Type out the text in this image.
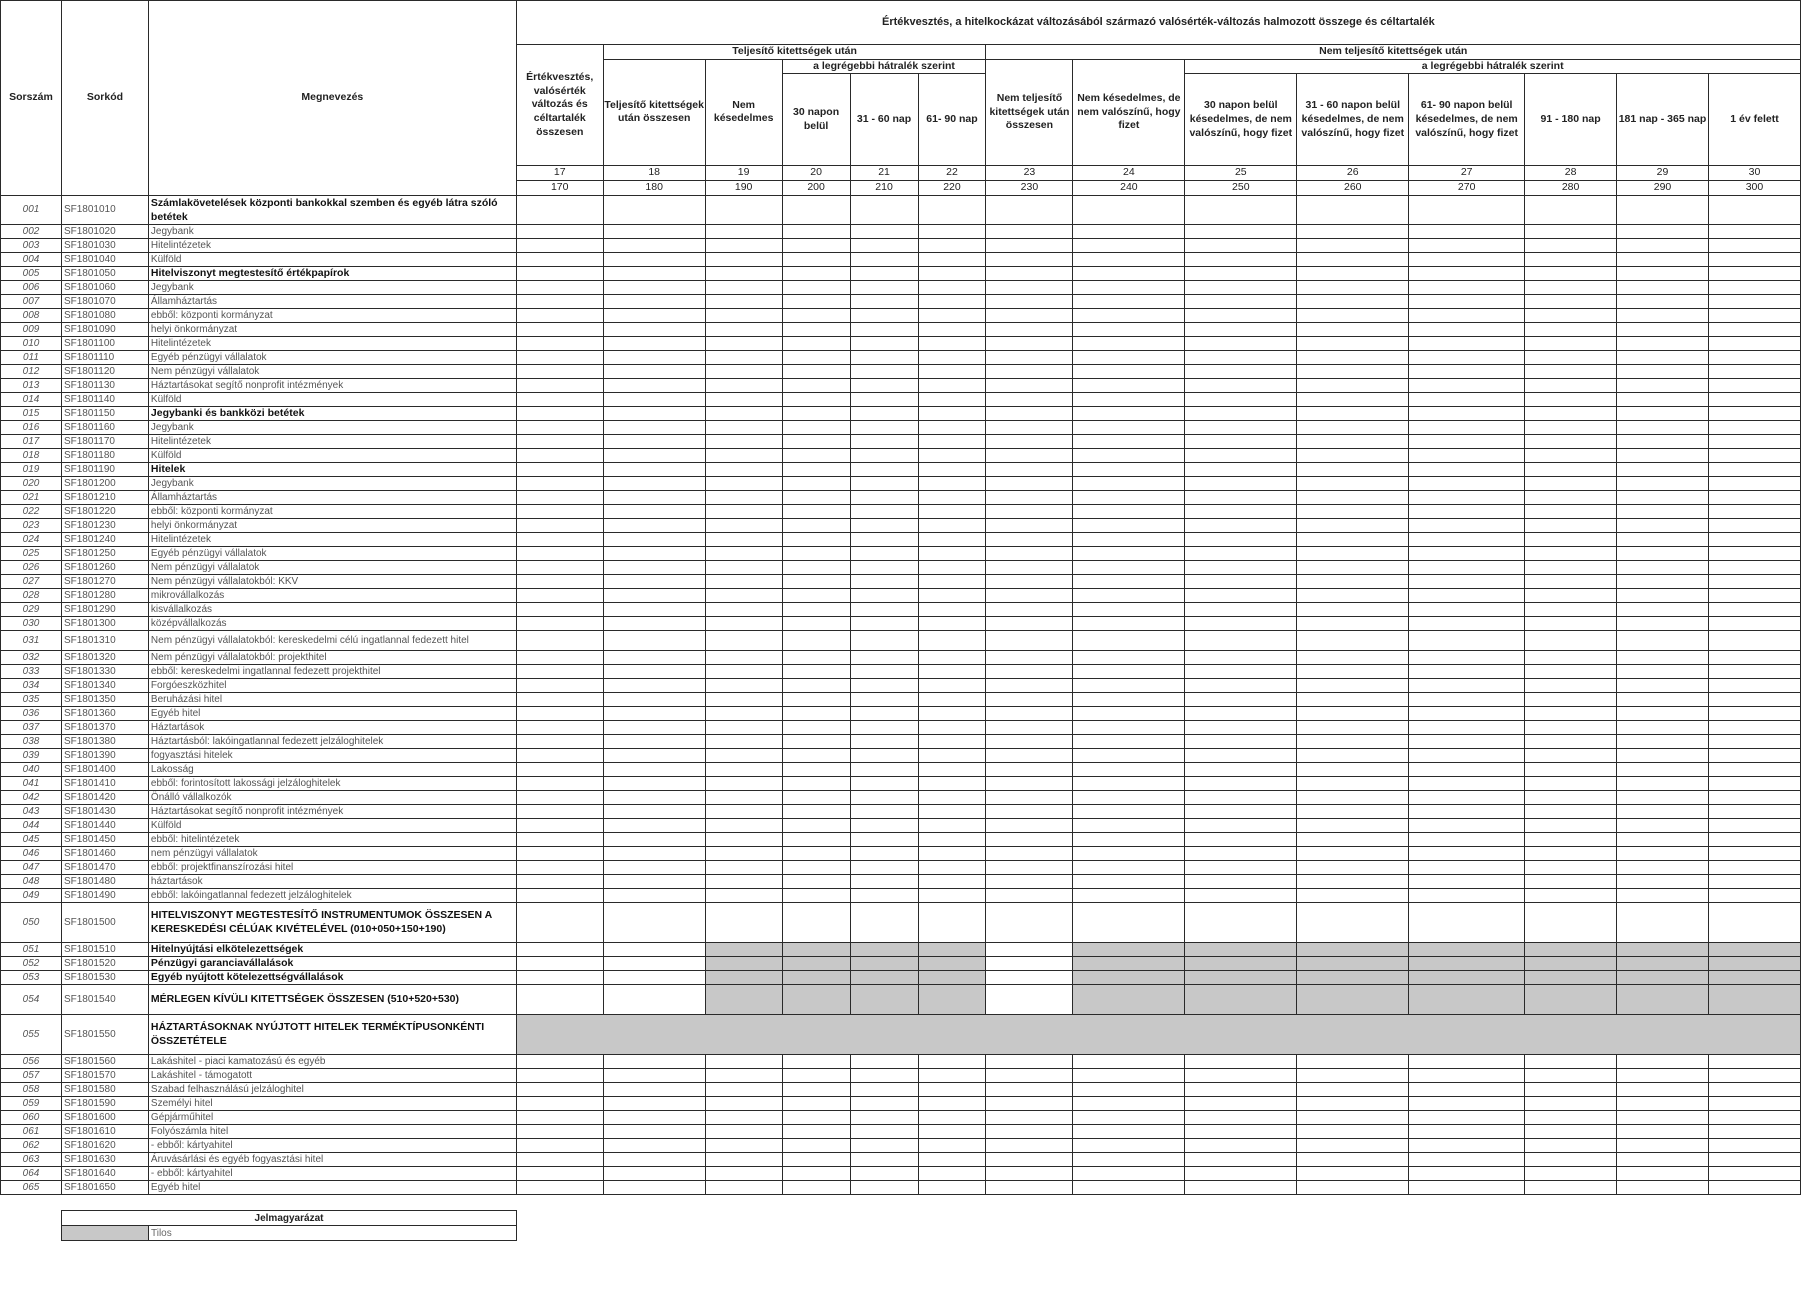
Sorszám	Sorkód	Megnevezés	Értékvesztés, a hitelkockázat változásából származó valósérték-változás halmozott összege és céltartalék													
			Értékvesztés, valósérték változás és céltartalék összesen	Teljesítő kitettségek után					Nem teljesítő kitettségek után							
				Teljesítő kitettségek után összesen	Nem késedelmes	a legrégebbi hátralék szerint			Nem teljesítő kitettségek után összesen	Nem késedelmes, de nem valószínű, hogy fizet	a legrégebbi hátralék szerint					
						30 napon belül	31 - 60 nap	61- 90 nap			30 napon belül késedelmes, de nem valószínű, hogy fizet	31 - 60 napon belül késedelmes, de nem valószínű, hogy fizet	61- 90 napon belül késedelmes, de nem valószínű, hogy fizet	91 - 180 nap	181 nap - 365 nap	1 év felett
			17	18	19	20	21	22	23	24	25	26	27	28	29	30
			170	180	190	200	210	220	230	240	250	260	270	280	290	300
001	SF1801010	Számlakövetelések központi bankokkal szemben és egyéb látra szóló betétek														
002	SF1801020	Jegybank														
003	SF1801030	Hitelintézetek														
004	SF1801040	Külföld														
005	SF1801050	Hitelviszonyt megtestesítő értékpapírok														
006	SF1801060	Jegybank														
007	SF1801070	Államháztartás														
008	SF1801080	ebből: központi kormányzat														
009	SF1801090	helyi önkormányzat														
010	SF1801100	Hitelintézetek														
011	SF1801110	Egyéb pénzügyi vállalatok														
012	SF1801120	Nem pénzügyi vállalatok														
013	SF1801130	Háztartásokat segítő nonprofit intézmények														
014	SF1801140	Külföld														
015	SF1801150	Jegybanki és bankközi betétek														
016	SF1801160	Jegybank														
017	SF1801170	Hitelintézetek														
018	SF1801180	Külföld														
019	SF1801190	Hitelek														
020	SF1801200	Jegybank														
021	SF1801210	Államháztartás														
022	SF1801220	ebből: központi kormányzat														
023	SF1801230	helyi önkormányzat														
024	SF1801240	Hitelintézetek														
025	SF1801250	Egyéb pénzügyi vállalatok														
026	SF1801260	Nem pénzügyi vállalatok														
027	SF1801270	Nem pénzügyi vállalatokból: KKV														
028	SF1801280	mikrovállalkozás														
029	SF1801290	kisvállalkozás														
030	SF1801300	középvállalkozás														
031	SF1801310	Nem pénzügyi vállalatokból: kereskedelmi célú ingatlannal fedezett hitel														
032	SF1801320	Nem pénzügyi vállalatokból: projekthitel														
033	SF1801330	ebből: kereskedelmi ingatlannal fedezett projekthitel														
034	SF1801340	Forgóeszközhitel														
035	SF1801350	Beruházási hitel														
036	SF1801360	Egyéb hitel														
037	SF1801370	Háztartások														
038	SF1801380	Háztartásból: lakóingatlannal fedezett jelzáloghitelek														
039	SF1801390	fogyasztási hitelek														
040	SF1801400	Lakosság														
041	SF1801410	ebből: forintosított lakossági jelzáloghitelek														
042	SF1801420	Önálló vállalkozók														
043	SF1801430	Háztartásokat segítő nonprofit intézmények														
044	SF1801440	Külföld														
045	SF1801450	ebből: hitelintézetek														
046	SF1801460	nem pénzügyi vállalatok														
047	SF1801470	ebből: projektfinanszírozási hitel														
048	SF1801480	háztartások														
049	SF1801490	ebből: lakóingatlannal fedezett jelzáloghitelek														
050	SF1801500	HITELVISZONYT MEGTESTESÍTŐ INSTRUMENTUMOK ÖSSZESEN A KERESKEDÉSI CÉLÚAK KIVÉTELÉVEL (010+050+150+190)														
051	SF1801510	Hitelnyújtási elkötelezettségek														
052	SF1801520	Pénzügyi garanciavállalások														
053	SF1801530	Egyéb nyújtott kötelezettségvállalások														
054	SF1801540	MÉRLEGEN KÍVÜLI KITETTSÉGEK ÖSSZESEN (510+520+530)														
055	SF1801550	HÁZTARTÁSOKNAK NYÚJTOTT HITELEK TERMÉKTÍPUSONKÉNTI ÖSSZETÉTELE														
056	SF1801560	Lakáshitel - piaci kamatozású és egyéb														
057	SF1801570	Lakáshitel - támogatott														
058	SF1801580	Szabad felhasználású jelzáloghitel														
059	SF1801590	Személyi hitel														
060	SF1801600	Gépjárműhitel														
061	SF1801610	Folyószámla hitel														
062	SF1801620	- ebből: kártyahitel														
063	SF1801630	Áruvásárlási és egyéb fogyasztási hitel														
064	SF1801640	- ebből: kártyahitel														
065	SF1801650	Egyéb hitel														
Jelmagyarázat
	Tilos
